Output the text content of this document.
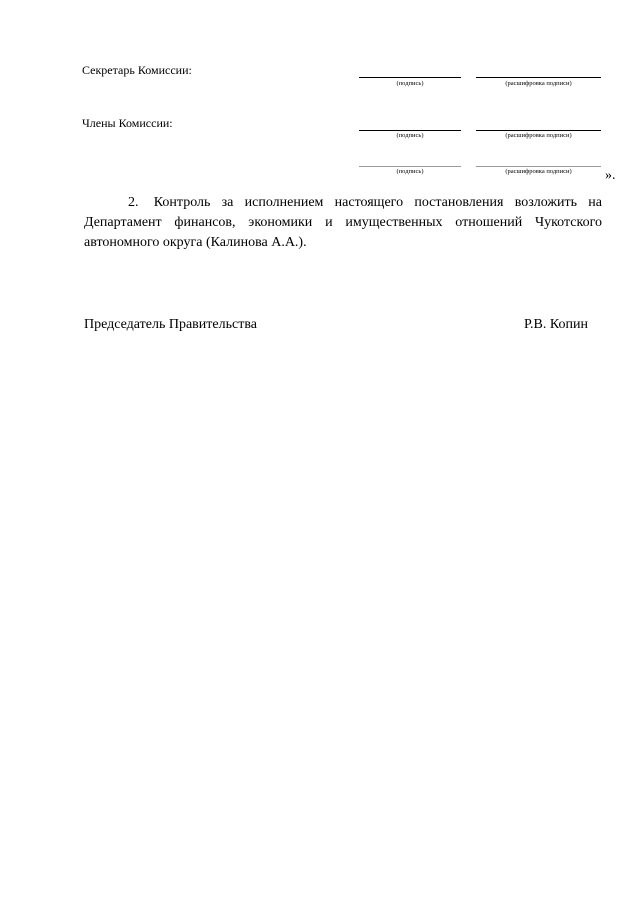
Секретарь Комиссии:
(подпись)	(расшифровка подписи)
Члены Комиссии:
(подпись)	(расшифровка подписи)
(подпись)	(расшифровка подписи)	».
2. Контроль за исполнением настоящего постановления возложить на Департамент финансов, экономики и имущественных отношений Чукотского автономного округа (Калинова А.А.).
Председатель Правительства	Р.В. Копин
